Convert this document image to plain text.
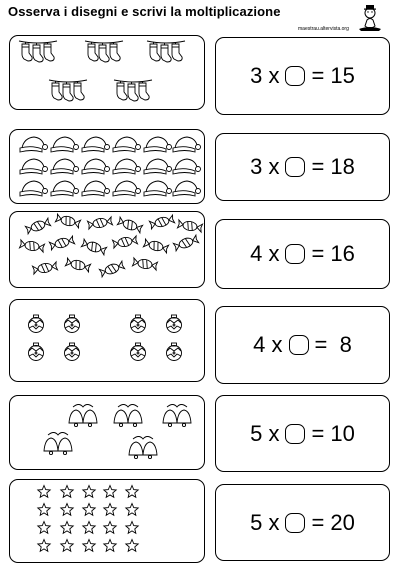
Osserva i disegni e scrivi la moltiplicazione
maestrau.altervista.org
3
x = 15
3
x = 18
4
x = 16
4
x =  8
5
x = 10
5
x = 20
